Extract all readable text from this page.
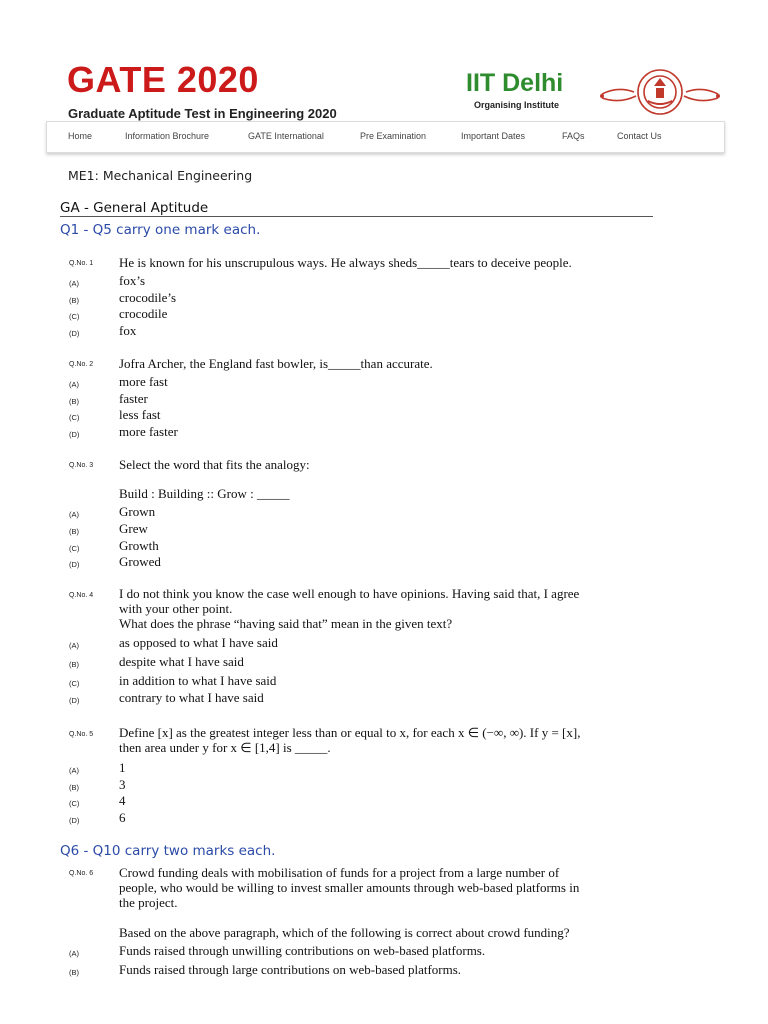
GATE 2020
Graduate Aptitude Test in Engineering 2020
IIT Delhi
Organising Institute
Home	Information Brochure	GATE International	Pre Examination	Important Dates	FAQs	Contact Us
ME1: Mechanical Engineering
GA - General Aptitude
Q1 - Q5 carry one mark each.
Q.No. 1 He is known for his unscrupulous ways. He always sheds_____tears to deceive people.
(A)	fox’s
(B)	crocodile’s
(C)	crocodile
(D)	fox
Q.No. 2 Jofra Archer, the England fast bowler, is_____than accurate.
(A)	more fast
(B)	faster
(C)	less fast
(D)	more faster
Q.No. 3 Select the word that fits the analogy:
Build : Building :: Grow : _____
(A)	Grown
(B)	Grew
(C)	Growth
(D)	Growed
Q.No. 4 I do not think you know the case well enough to have opinions. Having said that, I agree
with your other point.
What does the phrase “having said that” mean in the given text?
(A)	as opposed to what I have said
(B)	despite what I have said
(C)	in addition to what I have said
(D)	contrary to what I have said
Q.No. 5 Define [x] as the greatest integer less than or equal to x, for each x ∈ (−∞, ∞). If y = [x],
then area under y for x ∈ [1,4] is _____.
(A)	1
(B)	3
(C)	4
(D)	6
Q6 - Q10 carry two marks each.
Q.No. 6 Crowd funding deals with mobilisation of funds for a project from a large number of
people, who would be willing to invest smaller amounts through web-based platforms in
the project.
Based on the above paragraph, which of the following is correct about crowd funding?
(A)	Funds raised through unwilling contributions on web-based platforms.
(B)	Funds raised through large contributions on web-based platforms.
